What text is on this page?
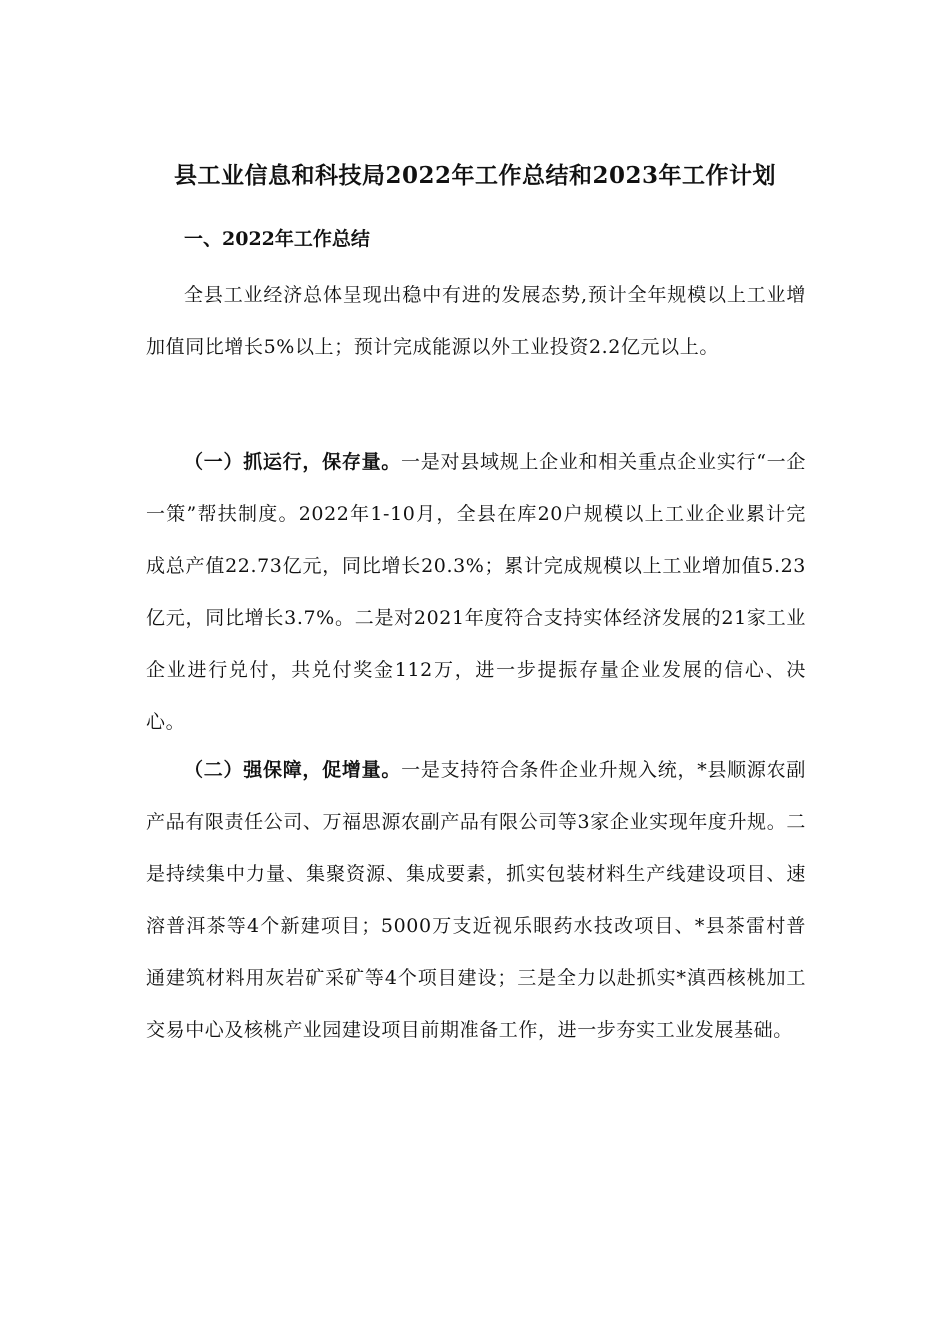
县工业信息和科技局2022年工作总结和2023年工作计划
一、2022年工作总结

全县工业经济总体呈现出稳中有进的发展态势,预计全年规模以上工业增加值同比增长5%以上；预计完成能源以外工业投资2.2亿元以上。

（一）抓运行，保存量。一是对县域规上企业和相关重点企业实行“一企一策”帮扶制度。2022年1-10月，全县在库20户规模以上工业企业累计完成总产值22.73亿元，同比增长20.3%；累计完成规模以上工业增加值5.23亿元，同比增长3.7%。二是对2021年度符合支持实体经济发展的21家工业企业进行兑付，共兑付奖金112万，进一步提振存量企业发展的信心、决心。

（二）强保障，促增量。一是支持符合条件企业升规入统，*县顺源农副产品有限责任公司、万福思源农副产品有限公司等3家企业实现年度升规。二是持续集中力量、集聚资源、集成要素，抓实包装材料生产线建设项目、速溶普洱茶等4个新建项目；5000万支近视乐眼药水技改项目、*县茶雷村普通建筑材料用灰岩矿采矿等4个项目建设；三是全力以赴抓实*滇西核桃加工交易中心及核桃产业园建设项目前期准备工作，进一步夯实工业发展基础。
